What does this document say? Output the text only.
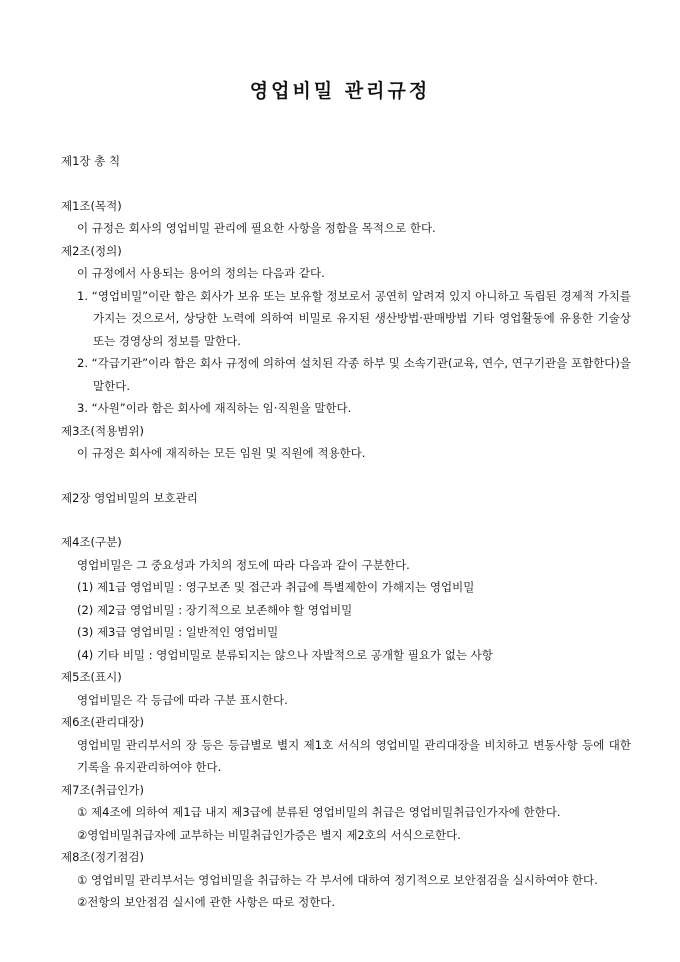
영업비밀 관리규정

제1장 총 칙

제1조(목적)

이 규정은 회사의 영업비밀 관리에 필요한 사항을 정함을 목적으로 한다.

제2조(정의)

이 규정에서 사용되는 용어의 정의는 다음과 같다.

1. “영업비밀”이란 함은 회사가 보유 또는 보유할 정보로서 공연히 알려져 있지 아니하고 독립된 경제적 가치를 가지는 것으로서, 상당한 노력에 의하여 비밀로 유지된 생산방법·판매방법 기타 영업활동에 유용한 기술상 또는 경영상의 정보를 말한다.

2. “각급기관”이라 함은 회사 규정에 의하여 설치된 각종 하부 및 소속기관(교육, 연수, 연구기관을 포함한다)을 말한다.

3. “사원”이라 함은 회사에 재직하는 임·직원을 말한다.

제3조(적용범위)

이 규정은 회사에 재직하는 모든 임원 및 직원에 적용한다.

제2장 영업비밀의 보호관리

제4조(구분)

영업비밀은 그 중요성과 가치의 정도에 따라 다음과 같이 구분한다.

(1) 제1급 영업비밀 : 영구보존 및 접근과 취급에 특별제한이 가해지는 영업비밀

(2) 제2급 영업비밀 : 장기적으로 보존해야 할 영업비밀

(3) 제3급 영업비밀 : 일반적인 영업비밀

(4) 기타 비밀 : 영업비밀로 분류되지는 않으나 자발적으로 공개할 필요가 없는 사항

제5조(표시)

영업비밀은 각 등급에 따라 구분 표시한다.

제6조(관리대장)

영업비밀 관리부서의 장 등은 등급별로 별지 제1호 서식의 영업비밀 관리대장을 비치하고 변동사항 등에 대한 기록을 유지관리하여야 한다.

제7조(취급인가)

① 제4조에 의하여 제1급 내지 제3급에 분류된 영업비밀의 취급은 영업비밀취급인가자에 한한다.

②영업비밀취급자에 교부하는 비밀취급인가증은 별지 제2호의 서식으로한다.

제8조(정기점검)

① 영업비밀 관리부서는 영업비밀을 취급하는 각 부서에 대하여 정기적으로 보안점검을 실시하여야 한다.

②전항의 보안점검 실시에 관한 사항은 따로 정한다.
